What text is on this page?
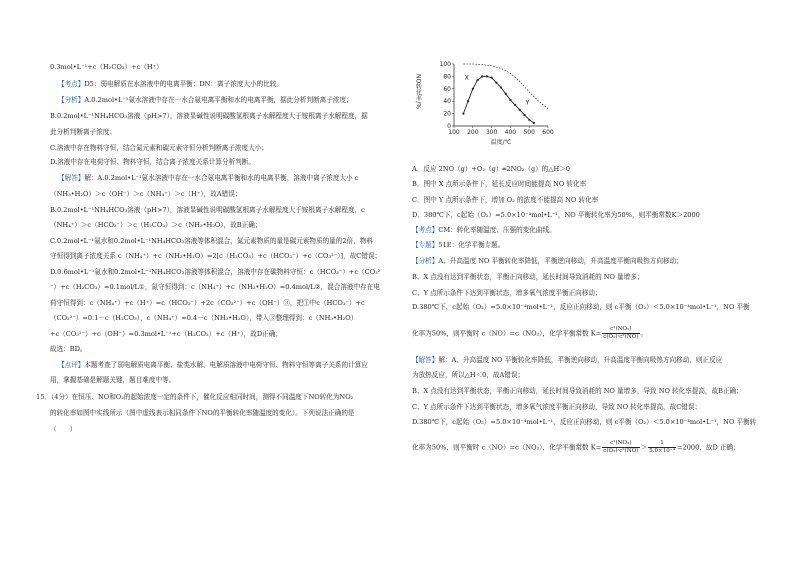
0.3mol•L⁻¹+c（H₂CO₃）+c（H⁺）
【考点】D5：弱电解质在水溶液中的电离平衡；DN：离子浓度大小的比较。
【分析】A.0.2mol•L⁻¹氨水溶液中存在一水合氨电离平衡和水的电离平衡，据此分析判断离子浓度；
B.0.2mol•L⁻¹NH₄HCO₃溶液（pH>7），溶液显碱性说明碳酸氢根离子水解程度大于铵根离子水解程度，据
此分析判断离子浓度；
C.溶液中存在物料守恒，结合氮元素和碳元素守恒分析判断离子浓度大小；
D.溶液中存在电荷守恒、物料守恒，结合离子浓度关系计算分析判断。
【解答】解：A.0.2mol•L⁻¹氨水溶液中存在一水合氨电离平衡和水的电离平衡，溶液中离子浓度大小 c
（NH₃•H₂O）＞c（OH⁻）＞c（NH₄⁺）＞c（H⁺），故A错误；
B.0.2mol•L⁻¹NH₄HCO₃溶液（pH>7），溶液显碱性说明碳酸氢根离子水解程度大于铵根离子水解程度，c
（NH₄⁺）＞c（HCO₃⁻）＞c（H₂CO₃）＞c（NH₃•H₂O），故B正确；
C.0.2mol•L⁻¹氨水和0.2mol•L⁻¹NH₄HCO₃溶液等体积混合，氮元素物质的量是碳元素物质的量的2倍，物料
守恒得到离子浓度关系 c（NH₄⁺）+c（NH₃•H₂O）=2[c（H₂CO₃）+c（HCO₃⁻）+c（CO₃²⁻）]，故C错误；
D.0.6mol•L⁻¹氨水和0.2mol•L⁻¹NH₄HCO₃溶液等体积混合，溶液中存在碳物料守恒：c（HCO₃⁻）+c（CO₃²
⁻）+c（H₂CO₃）=0.1mol/L①，氮守恒得到：c（NH₄⁺）+c（NH₃•H₂O）=0.4mol/L②，混合溶液中存在电
荷守恒得到：c（NH₄⁺）+c（H⁺）=c（HCO₃⁻）+2c（CO₃²⁻）+c（OH⁻）③，把①中c（HCO₃⁻）+c
（CO₃²⁻）=0.1－c（H₂CO₃），c（NH₄⁺）=0.4－c（NH₃•H₂O），带入③整理得到：c（NH₃•H₂O）
+c（CO₃²⁻）+c（OH⁻）=0.3mol•L⁻¹+c（H₂CO₃）+c（H⁺），故D正确；
故选：BD。
【点评】本题考查了弱电解质电离平衡、盐类水解、电解质溶液中电荷守恒、物料守恒等离子关系的计算应
用，掌握基础是解题关键，题目难度中等。
15．（4分）在恒压、NO和O₂的起始浓度一定的条件下，催化反应相同时间，测得不同温度下NO转化为NO₂
的转化率如图中实线所示（图中虚线表示相同条件下NO的平衡转化率随温度的变化）。下列说法正确的是
（　　）
100 200 300 400 500 600
0
20
40
60
80
100
NO转化率/%
温度/℃
X
Y
A．反应 2NO（g）+O₂（g）═2NO₂（g）的△H＞0
B．图中 X 点所示条件下，延长反应时间能提高 NO 转化率
C．图中 Y 点所示条件下，增加 O₂ 的浓度不能提高 NO 转化率
D．380℃下，c起始（O₂）=5.0×10⁻⁴mol•L⁻¹，NO 平衡转化率为50%，则平衡常数K＞2000
【考点】CM：转化率随温度、压强的变化曲线。
【专题】51E：化学平衡专题。
【分析】A、升高温度 NO 平衡转化率降低，平衡逆向移动，升高温度平衡向吸热方向移动；
B、X 点没有达到平衡状态，平衡正向移动，延长时间导致消耗的 NO 量增多；
C、Y 点所示条件下达到平衡状态，增多氧气浓度平衡正向移动；
D.380℃下，c起始（O₂）=5.0×10⁻⁴mol•L⁻¹，反应正向移动，则 c平衡（O₂）＜5.0×10⁻⁴mol•L⁻¹，NO 平衡
化率为50%，则平衡时 c（NO）=c（NO₂），化学平衡常数 $K= \frac{\text{c²(NO₂)}}{\text{c(O₂)·c²(NO)}}$ 。
【解答】解：A、升高温度 NO 平衡转化率降低，平衡逆向移动，升高温度平衡向吸热方向移动，则正反应
为放热反应，所以△H＜0，故A错误；
B、X 点没有达到平衡状态，平衡正向移动，延长时间导致消耗的 NO 量增多，导致 NO 转化率提高，故B正确；
C、Y 点所示条件下达到平衡状态，增多氧气浓度平衡正向移动，导致 NO 转化率提高，故C错误；
D.380℃下，c起始（O₂）=5.0×10⁻⁴mol•L⁻¹，反应正向移动，则 c平衡（O₂）＜5.0×10⁻⁴mol•L⁻¹，NO 平衡转
化率为50%，则平衡时 c（NO）=c（NO₂），化学平衡常数 $K= \frac{\text{c²(NO₂)}}{\text{c(O₂)·c²(NO)}} > \frac{1}{\text{5.0×10⁻⁴}} =2000$，故D 正确；
